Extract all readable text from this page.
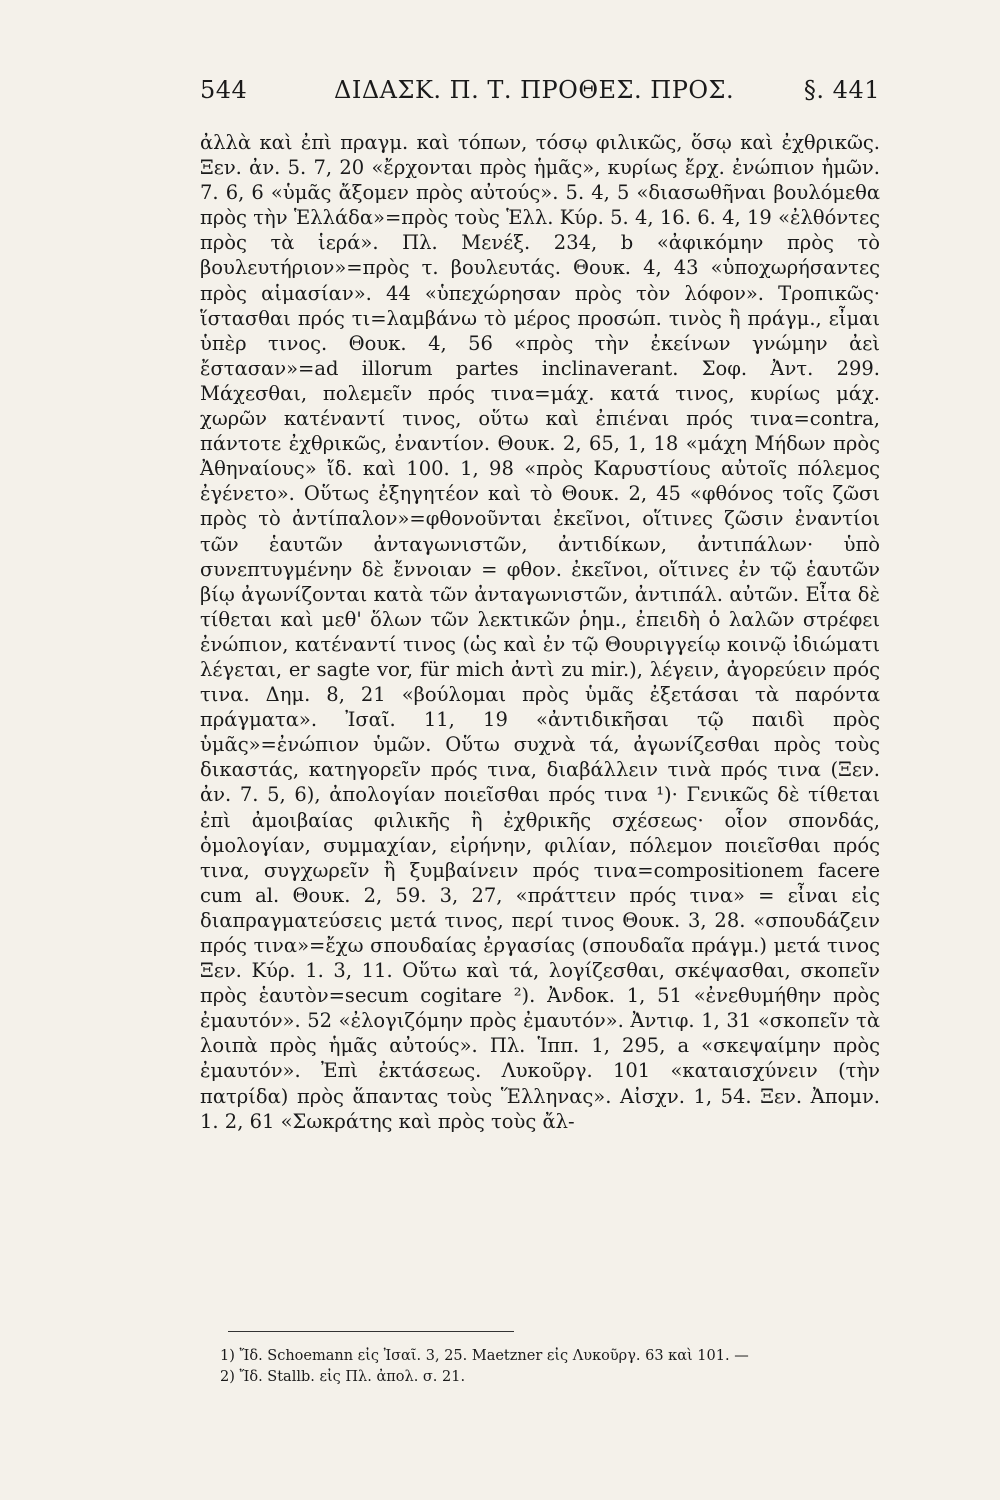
544	ΔΙΔΑΣΚ. Π. Τ. ΠΡΟΘΕΣ. ΠΡΟΣ.	§. 441

ἀλλὰ καὶ ἐπὶ πραγμ. καὶ τόπων, τόσῳ φιλικῶς, ὅσῳ καὶ ἐχθρικῶς. Ξεν. ἀν. 5. 7, 20 «ἔρχονται πρὸς ἡμᾶς», κυρίως ἔρχ. ἐνώπιον ἡμῶν. 7. 6, 6 «ὑμᾶς ἄξομεν πρὸς αὐτούς». 5. 4, 5 «διασωθῆναι βουλόμεθα πρὸς τὴν Ἑλλάδα»=πρὸς τοὺς Ἑλλ. Κύρ. 5. 4, 16. 6. 4, 19 «ἐλθόντες πρὸς τὰ ἱερά». Πλ. Μενέξ. 234, b «ἀφικόμην πρὸς τὸ βουλευτήριον»=πρὸς τ. βουλευτάς. Θουκ. 4, 43 «ὑποχωρήσαντες πρὸς αἱμασίαν». 44 «ὑπεχώρησαν πρὸς τὸν λόφον». Τροπικῶς· ἵστασθαι πρός τι=λαμβάνω τὸ μέρος προσώπ. τινὸς ἢ πράγμ., εἶμαι ὑπὲρ τινος. Θουκ. 4, 56 «πρὸς τὴν ἐκείνων γνώμην ἀεὶ ἔστασαν»=ad illorum partes inclinaverant. Σοφ. Ἀντ. 299. Μάχεσθαι, πολεμεῖν πρός τινα=μάχ. κατά τινος, κυρίως μάχ. χωρῶν κατέναντί τινος, οὕτω καὶ ἐπιέναι πρός τινα=contra, πάντοτε ἐχθρικῶς, ἐναντίον. Θουκ. 2, 65, 1, 18 «μάχη Μήδων πρὸς Ἀθηναίους» ἴδ. καὶ 100. 1, 98 «πρὸς Καρυστίους αὐτοῖς πόλεμος ἐγένετο». Οὕτως ἐξηγητέον καὶ τὸ Θουκ. 2, 45 «φθόνος τοῖς ζῶσι πρὸς τὸ ἀντίπαλον»=φθονοῦνται ἐκεῖνοι, οἵτινες ζῶσιν ἐναντίοι τῶν ἑαυτῶν ἀνταγωνιστῶν, ἀντιδίκων, ἀντιπάλων· ὑπὸ συνεπτυγμένην δὲ ἔννοιαν = φθον. ἐκεῖνοι, οἵτινες ἐν τῷ ἑαυτῶν βίῳ ἀγωνίζονται κατὰ τῶν ἀνταγωνιστῶν, ἀντιπάλ. αὐτῶν. Εἶτα δὲ τίθεται καὶ μεθ' ὅλων τῶν λεκτικῶν ῥημ., ἐπειδὴ ὁ λαλῶν στρέφει ἐνώπιον, κατέναντί τινος (ὡς καὶ ἐν τῷ Θουριγγείῳ κοινῷ ἰδιώματι λέγεται, er sagte vor, für mich ἀντὶ zu mir.), λέγειν, ἀγορεύειν πρός τινα. Δημ. 8, 21 «βούλομαι πρὸς ὑμᾶς ἐξετάσαι τὰ παρόντα πράγματα». Ἰσαῖ. 11, 19 «ἀντιδικῆσαι τῷ παιδὶ πρὸς ὑμᾶς»=ἐνώπιον ὑμῶν. Οὕτω συχνὰ τά, ἀγωνίζεσθαι πρὸς τοὺς δικαστάς, κατηγορεῖν πρός τινα, διαβάλλειν τινὰ πρός τινα (Ξεν. ἀν. 7. 5, 6), ἀπολογίαν ποιεῖσθαι πρός τινα ¹)· Γενικῶς δὲ τίθεται ἐπὶ ἀμοιβαίας φιλικῆς ἢ ἐχθρικῆς σχέσεως· οἷον σπονδάς, ὁμολογίαν, συμμαχίαν, εἰρήνην, φιλίαν, πόλεμον ποιεῖσθαι πρός τινα, συγχωρεῖν ἢ ξυμβαίνειν πρός τινα=compositionem facere cum al. Θουκ. 2, 59. 3, 27, «πράττειν πρός τινα» = εἶναι εἰς διαπραγματεύσεις μετά τινος, περί τινος Θουκ. 3, 28. «σπουδάζειν πρός τινα»=ἔχω σπουδαίας ἐργασίας (σπουδαῖα πράγμ.) μετά τινος Ξεν. Κύρ. 1. 3, 11. Οὕτω καὶ τά, λογίζεσθαι, σκέψασθαι, σκοπεῖν πρὸς ἑαυτὸν=secum cogitare ²). Ἀνδοκ. 1, 51 «ἐνεθυμήθην πρὸς ἐμαυτόν». 52 «ἐλογιζόμην πρὸς ἐμαυτόν». Ἀντιφ. 1, 31 «σκοπεῖν τὰ λοιπὰ πρὸς ἡμᾶς αὐτούς». Πλ. Ἱππ. 1, 295, a «σκεψαίμην πρὸς ἐμαυτόν». Ἐπὶ ἐκτάσεως. Λυκοῦργ. 101 «καταισχύνειν (τὴν πατρίδα) πρὸς ἅπαντας τοὺς Ἕλληνας». Αἰσχν. 1, 54. Ξεν. Ἀπομν. 1. 2, 61 «Σωκράτης καὶ πρὸς τοὺς ἄλ-

1) Ἴδ. Schoemann εἰς Ἰσαῖ. 3, 25. Maetzner εἰς Λυκοῦργ. 63 καὶ 101. —
2) Ἴδ. Stallb. εἰς Πλ. ἀπολ. σ. 21.
